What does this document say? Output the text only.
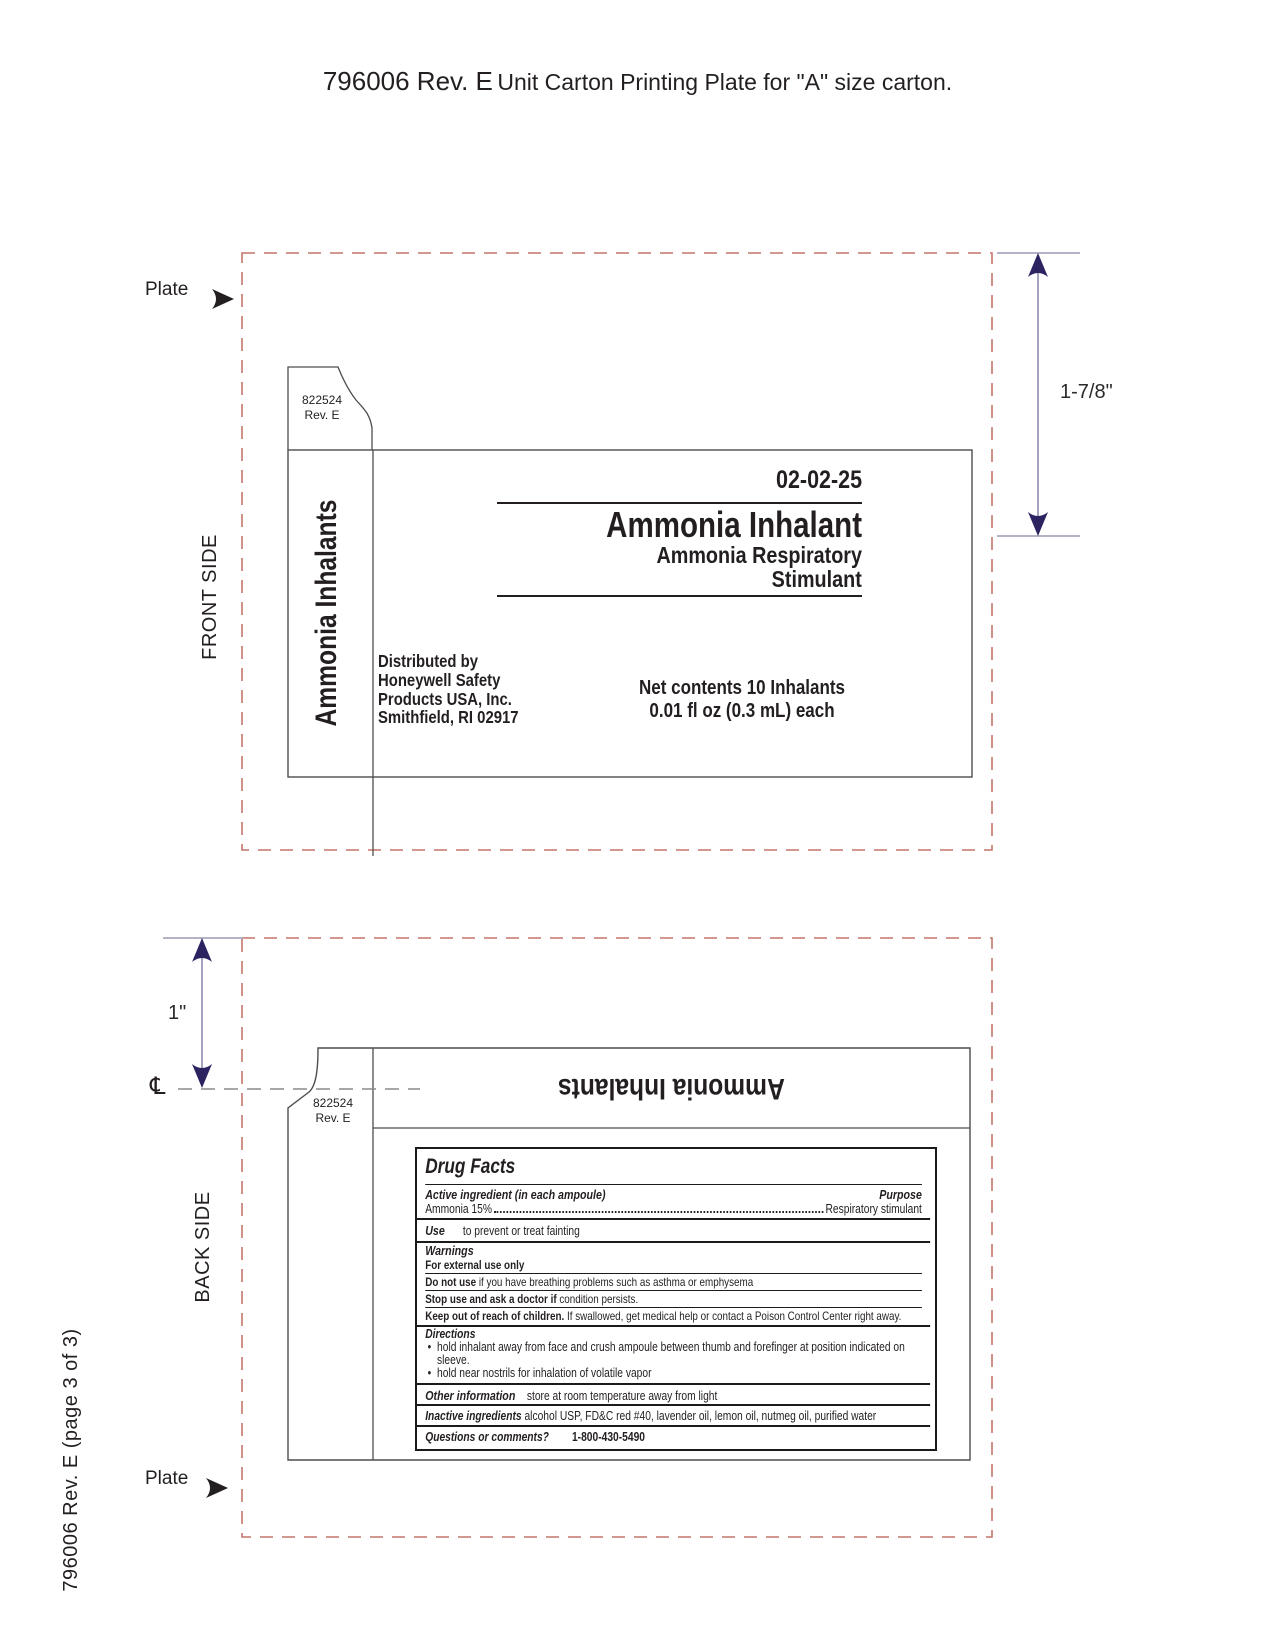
796006 Rev. E Unit Carton Printing Plate for "A" size carton.
Plate
FRONT SIDE
1-7/8"
822524
Rev. E
Ammonia Inhalants
02-02-25
Ammonia Inhalant
Ammonia Respiratory
Stimulant
Distributed by
Honeywell Safety
Products USA, Inc.
Smithfield, RI 02917
Net contents 10 Inhalants
0.01 fl oz (0.3 mL) each
1"
℄
BACK SIDE
Plate
822524
Rev. E
Ammonia Inhalants
Drug Facts
Active ingredient (in each ampoule)	Purpose
Ammonia 15%	Respiratory stimulant
Use to prevent or treat fainting
Warnings
For external use only
Do not use if you have breathing problems such as asthma or emphysema
Stop use and ask a doctor if condition persists.
Keep out of reach of children. If swallowed, get medical help or contact a Poison Control Center right away.
Directions
• hold inhalant away from face and crush ampoule between thumb and forefinger at position indicated on sleeve.
• hold near nostrils for inhalation of volatile vapor
Other information store at room temperature away from light
Inactive ingredients alcohol USP, FD&C red #40, lavender oil, lemon oil, nutmeg oil, purified water
Questions or comments? 1-800-430-5490
796006 Rev. E (page 3 of 3)
